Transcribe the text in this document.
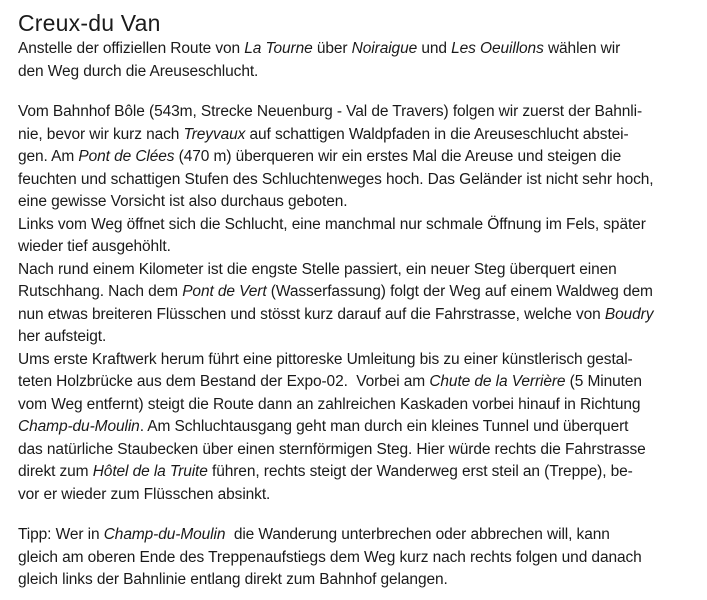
Creux-du Van
Anstelle der offiziellen Route von La Tourne über Noiraigue und Les Oeuillons wählen wir
den Weg durch die Areuseschlucht.
Vom Bahnhof Bôle (543m, Strecke Neuenburg - Val de Travers) folgen wir zuerst der Bahnli-
nie, bevor wir kurz nach Treyvaux auf schattigen Waldpfaden in die Areuseschlucht abstei-
gen. Am Pont de Clées (470 m) überqueren wir ein erstes Mal die Areuse und steigen die
feuchten und schattigen Stufen des Schluchtenweges hoch. Das Geländer ist nicht sehr hoch,
eine gewisse Vorsicht ist also durchaus geboten.
Links vom Weg öffnet sich die Schlucht, eine manchmal nur schmale Öffnung im Fels, später
wieder tief ausgehöhlt.
Nach rund einem Kilometer ist die engste Stelle passiert, ein neuer Steg überquert einen
Rutschhang. Nach dem Pont de Vert (Wasserfassung) folgt der Weg auf einem Waldweg dem
nun etwas breiteren Flüsschen und stösst kurz darauf auf die Fahrstrasse, welche von Boudry
her aufsteigt.
Ums erste Kraftwerk herum führt eine pittoreske Umleitung bis zu einer künstlerisch gestal-
teten Holzbrücke aus dem Bestand der Expo-02.  Vorbei am Chute de la Verrière (5 Minuten
vom Weg entfernt) steigt die Route dann an zahlreichen Kaskaden vorbei hinauf in Richtung
Champ-du-Moulin. Am Schluchtausgang geht man durch ein kleines Tunnel und überquert
das natürliche Staubecken über einen sternförmigen Steg. Hier würde rechts die Fahrstrasse
direkt zum Hôtel de la Truite führen, rechts steigt der Wanderweg erst steil an (Treppe), be-
vor er wieder zum Flüsschen absinkt.
Tipp: Wer in Champ-du-Moulin  die Wanderung unterbrechen oder abbrechen will, kann
gleich am oberen Ende des Treppenaufstiegs dem Weg kurz nach rechts folgen und danach
gleich links der Bahnlinie entlang direkt zum Bahnhof gelangen.
